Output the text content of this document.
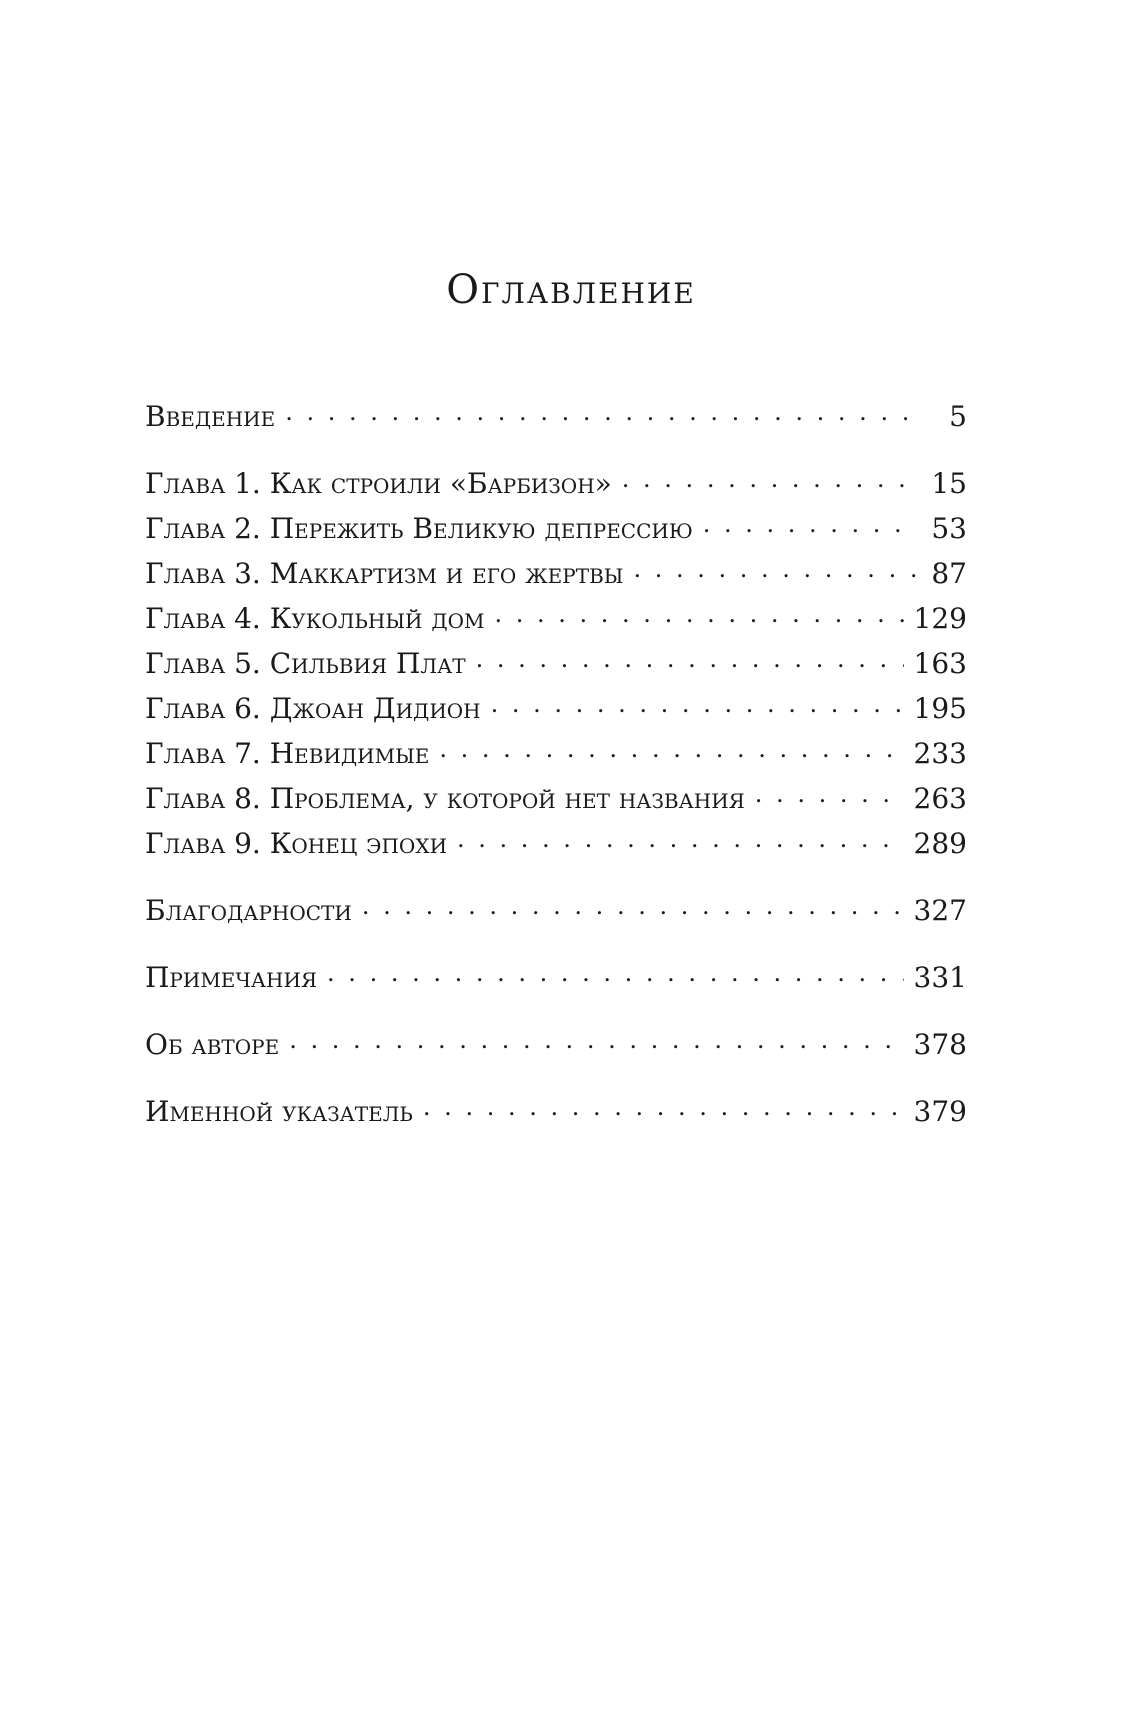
Оглавление
Введение . . .	5
Глава 1. Как строили «Барбизон» . . .	15
Глава 2. Пережить Великую депрессию . . .	53
Глава 3. Маккартизм и его жертвы . . .	87
Глава 4. Кукольный дом . . .	129
Глава 5. Сильвия Плат . . .	163
Глава 6. Джоан Дидион . . .	195
Глава 7. Невидимые . . .	233
Глава 8. Проблема, у которой нет названия . . .	263
Глава 9. Конец эпохи . . .	289
Благодарности . . .	327
Примечания . . .	331
Об авторе . . .	378
Именной указатель . . .	379
